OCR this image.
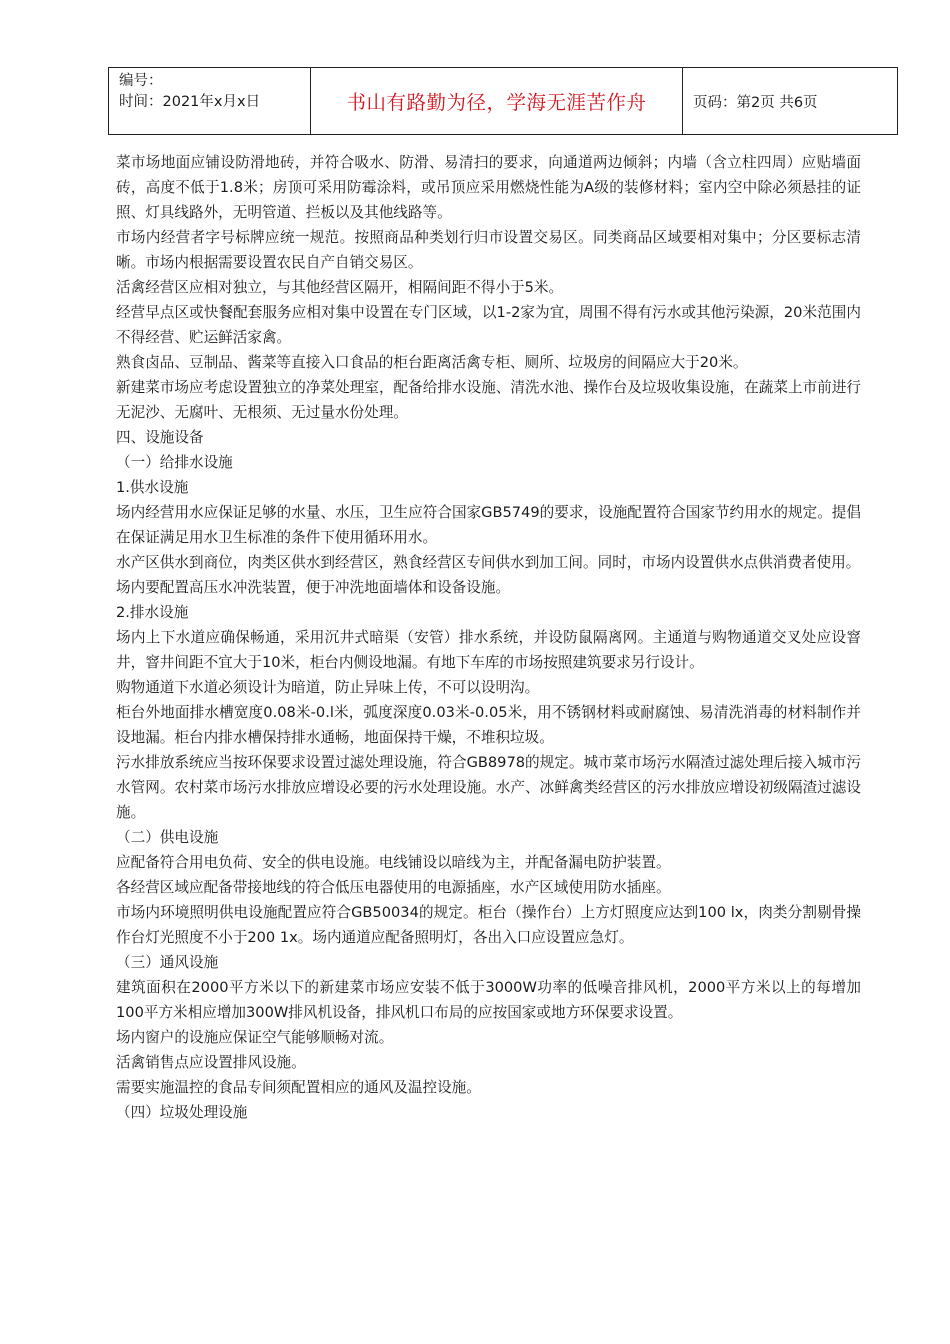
编号：
时间：2021年x月x日	书山有路勤为径，学海无涯苦作舟	页码：第2页 共6页

菜市场地面应铺设防滑地砖，并符合吸水、防滑、易清扫的要求，向通道两边倾斜；内墙（含立柱四周）应贴墙面砖，高度不低于1.8米；房顶可采用防霉涂料，或吊顶应采用燃烧性能为A级的装修材料；室内空中除必须悬挂的证照、灯具线路外，无明管道、拦板以及其他线路等。

市场内经营者字号标牌应统一规范。按照商品种类划行归市设置交易区。同类商品区域要相对集中；分区要标志清晰。市场内根据需要设置农民自产自销交易区。

活禽经营区应相对独立，与其他经营区隔开，相隔间距不得小于5米。

经营早点区或快餐配套服务应相对集中设置在专门区域，以1-2家为宜，周围不得有污水或其他污染源，20米范围内不得经营、贮运鲜活家禽。

熟食卤品、豆制品、酱菜等直接入口食品的柜台距离活禽专柜、厕所、垃圾房的间隔应大于20米。

新建菜市场应考虑设置独立的净菜处理室，配备给排水设施、清洗水池、操作台及垃圾收集设施，在蔬菜上市前进行无泥沙、无腐叶、无根须、无过量水份处理。

四、设施设备

（一）给排水设施

1.供水设施

场内经营用水应保证足够的水量、水压，卫生应符合国家GB5749的要求，设施配置符合国家节约用水的规定。提倡在保证满足用水卫生标准的条件下使用循环用水。

水产区供水到商位，肉类区供水到经营区，熟食经营区专间供水到加工间。同时，市场内设置供水点供消费者使用。

场内要配置高压水冲洗装置，便于冲洗地面墙体和设备设施。

2.排水设施

场内上下水道应确保畅通，采用沉井式暗渠（安管）排水系统，并设防鼠隔离网。主通道与购物通道交叉处应设窨井，窨井间距不宜大于10米，柜台内侧设地漏。有地下车库的市场按照建筑要求另行设计。

购物通道下水道必须设计为暗道，防止异味上传，不可以设明沟。

柜台外地面排水槽宽度0.08米-0.l米，弧度深度0.03米-0.05米，用不锈钢材料或耐腐蚀、易清洗消毒的材料制作并设地漏。柜台内排水槽保持排水通畅，地面保持干燥，不堆积垃圾。

污水排放系统应当按环保要求设置过滤处理设施，符合GB8978的规定。城市菜市场污水隔渣过滤处理后接入城市污水管网。农村菜市场污水排放应增设必要的污水处理设施。水产、冰鲜禽类经营区的污水排放应增设初级隔渣过滤设施。

（二）供电设施

应配备符合用电负荷、安全的供电设施。电线铺设以暗线为主，并配备漏电防护装置。

各经营区域应配备带接地线的符合低压电器使用的电源插座，水产区域使用防水插座。

市场内环境照明供电设施配置应符合GB50034的规定。柜台（操作台）上方灯照度应达到100 lx，肉类分割剔骨操作台灯光照度不小于200 1x。场内通道应配备照明灯，各出入口应设置应急灯。

（三）通风设施

建筑面积在2000平方米以下的新建菜市场应安装不低于3000W功率的低噪音排风机，2000平方米以上的每增加100平方米相应增加300W排风机设备，排风机口布局的应按国家或地方环保要求设置。

场内窗户的设施应保证空气能够顺畅对流。

活禽销售点应设置排风设施。

需要实施温控的食品专间须配置相应的通风及温控设施。

（四）垃圾处理设施
